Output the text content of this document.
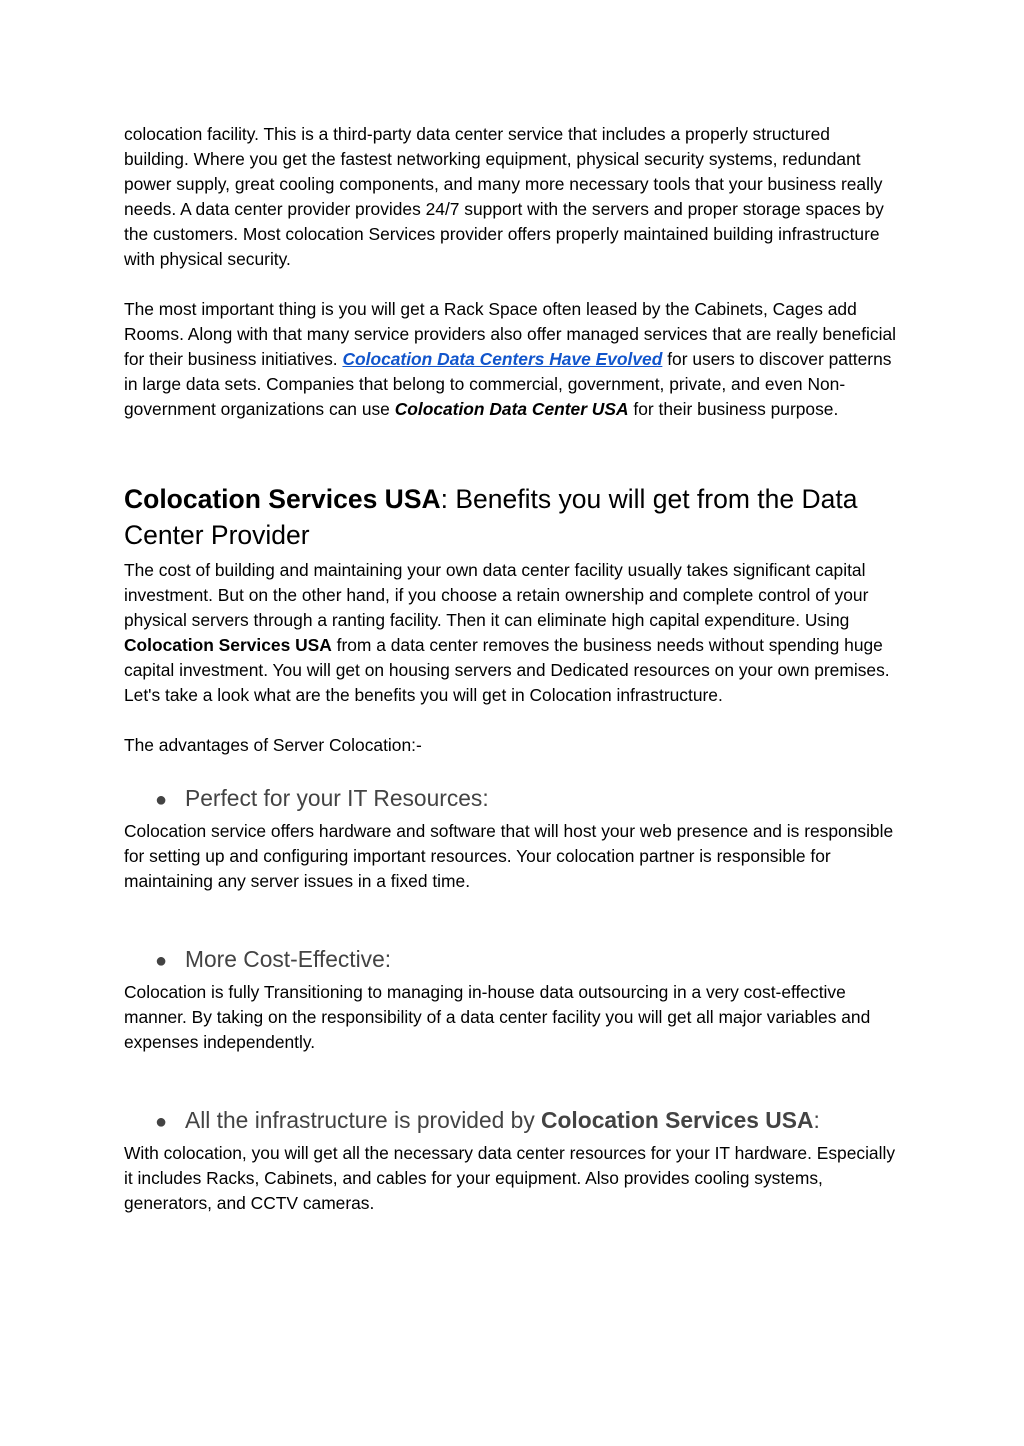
colocation facility. This is a third-party data center service that includes a properly structured building. Where you get the fastest networking equipment, physical security systems, redundant power supply, great cooling components, and many more necessary tools that your business really needs. A data center provider provides 24/7 support with the servers and proper storage spaces by the customers. Most colocation Services provider offers properly maintained building infrastructure with physical security.

The most important thing is you will get a Rack Space often leased by the Cabinets, Cages add Rooms. Along with that many service providers also offer managed services that are really beneficial for their business initiatives. Colocation Data Centers Have Evolved for users to discover patterns in large data sets. Companies that belong to commercial, government, private, and even Non-government organizations can use Colocation Data Center USA for their business purpose.

Colocation Services USA: Benefits you will get from the Data Center Provider

The cost of building and maintaining your own data center facility usually takes significant capital investment. But on the other hand, if you choose a retain ownership and complete control of your physical servers through a ranting facility. Then it can eliminate high capital expenditure. Using Colocation Services USA from a data center removes the business needs without spending huge capital investment. You will get on housing servers and Dedicated resources on your own premises. Let's take a look what are the benefits you will get in Colocation infrastructure.

The advantages of Server Colocation:-

● Perfect for your IT Resources:

Colocation service offers hardware and software that will host your web presence and is responsible for setting up and configuring important resources. Your colocation partner is responsible for maintaining any server issues in a fixed time.

● More Cost-Effective:

Colocation is fully Transitioning to managing in-house data outsourcing in a very cost-effective manner. By taking on the responsibility of a data center facility you will get all major variables and expenses independently.

● All the infrastructure is provided by Colocation Services USA:

With colocation, you will get all the necessary data center resources for your IT hardware. Especially it includes Racks, Cabinets, and cables for your equipment. Also provides cooling systems, generators, and CCTV cameras.
